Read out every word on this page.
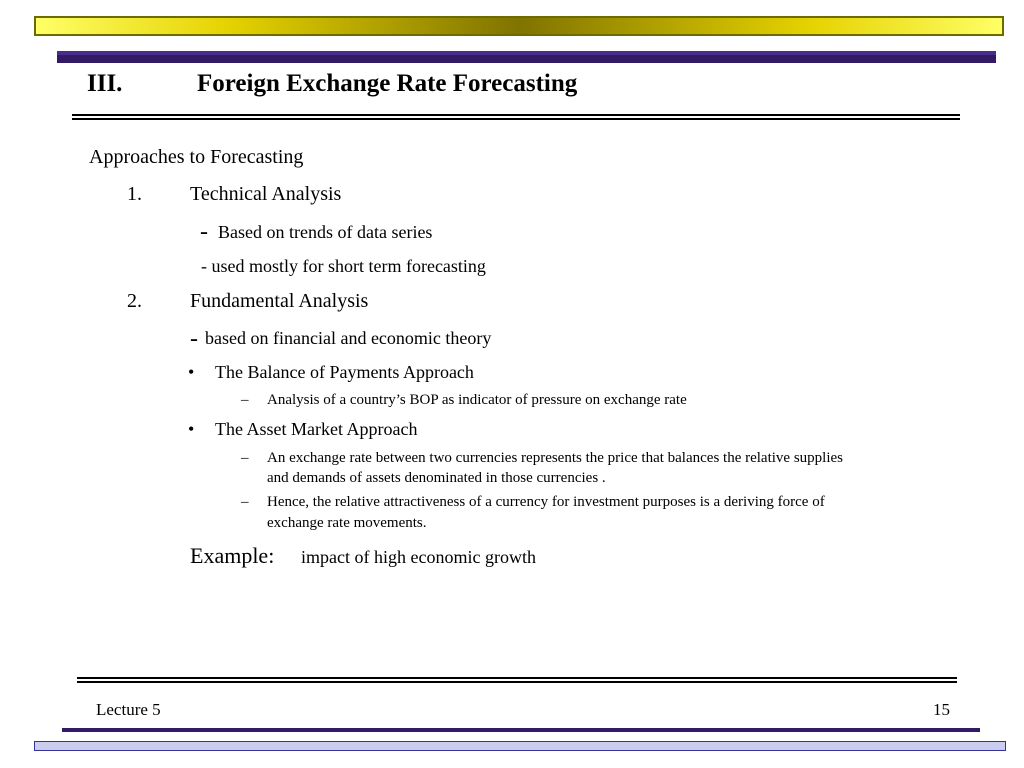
III.	Foreign Exchange Rate Forecasting
Approaches to Forecasting
1. Technical Analysis
- Based on trends of data series
- used mostly for short term forecasting
2. Fundamental Analysis
- based on financial and economic theory
• The Balance of Payments Approach
– Analysis of a country’s BOP as indicator of pressure on exchange rate
• The Asset Market Approach
– An exchange rate between two currencies represents the price that balances the relative supplies
and demands of assets denominated in those currencies .
– Hence, the relative attractiveness of a currency for investment purposes is a deriving force of
exchange rate movements.
Example: impact of high economic growth
Lecture 5	15
